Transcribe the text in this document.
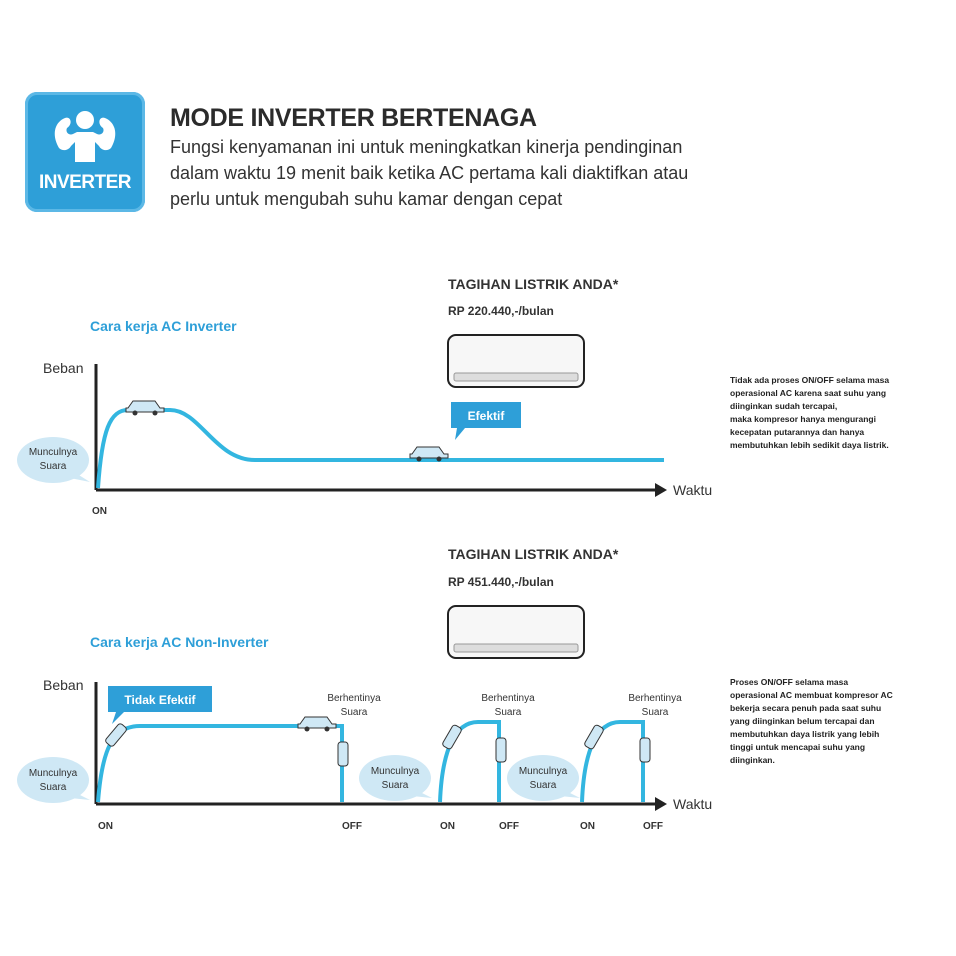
INVERTER
MODE INVERTER BERTENAGA
Fungsi kenyamanan ini untuk meningkatkan kinerja pendinginan
dalam waktu 19 menit baik ketika AC pertama kali diaktifkan atau
perlu untuk mengubah suhu kamar dengan cepat
TAGIHAN LISTRIK ANDA*
RP 220.440,-/bulan
Cara kerja AC Inverter
Tidak ada proses ON/OFF selama masa
operasional AC karena saat suhu yang
diinginkan sudah tercapai,
maka kompresor hanya mengurangi
kecepatan putarannya dan hanya
membutuhkan lebih sedikit daya listrik.
Beban
Waktu
ON
Efektif
Munculnya
Suara
TAGIHAN LISTRIK ANDA*
RP 451.440,-/bulan
Cara kerja AC Non-Inverter
Proses ON/OFF selama masa
operasional AC membuat kompresor AC
bekerja secara penuh pada saat suhu
yang diinginkan belum tercapai dan
membutuhkan daya listrik yang lebih
tinggi untuk mencapai suhu yang
diinginkan.
Beban
Waktu
Tidak Efektif	Berhentinya
Suara
Berhentinya
Suara
Berhentinya
Suara
Munculnya
Suara
Munculnya
Suara
Munculnya
Suara
ON	OFF	ON	OFF	ON	OFF
